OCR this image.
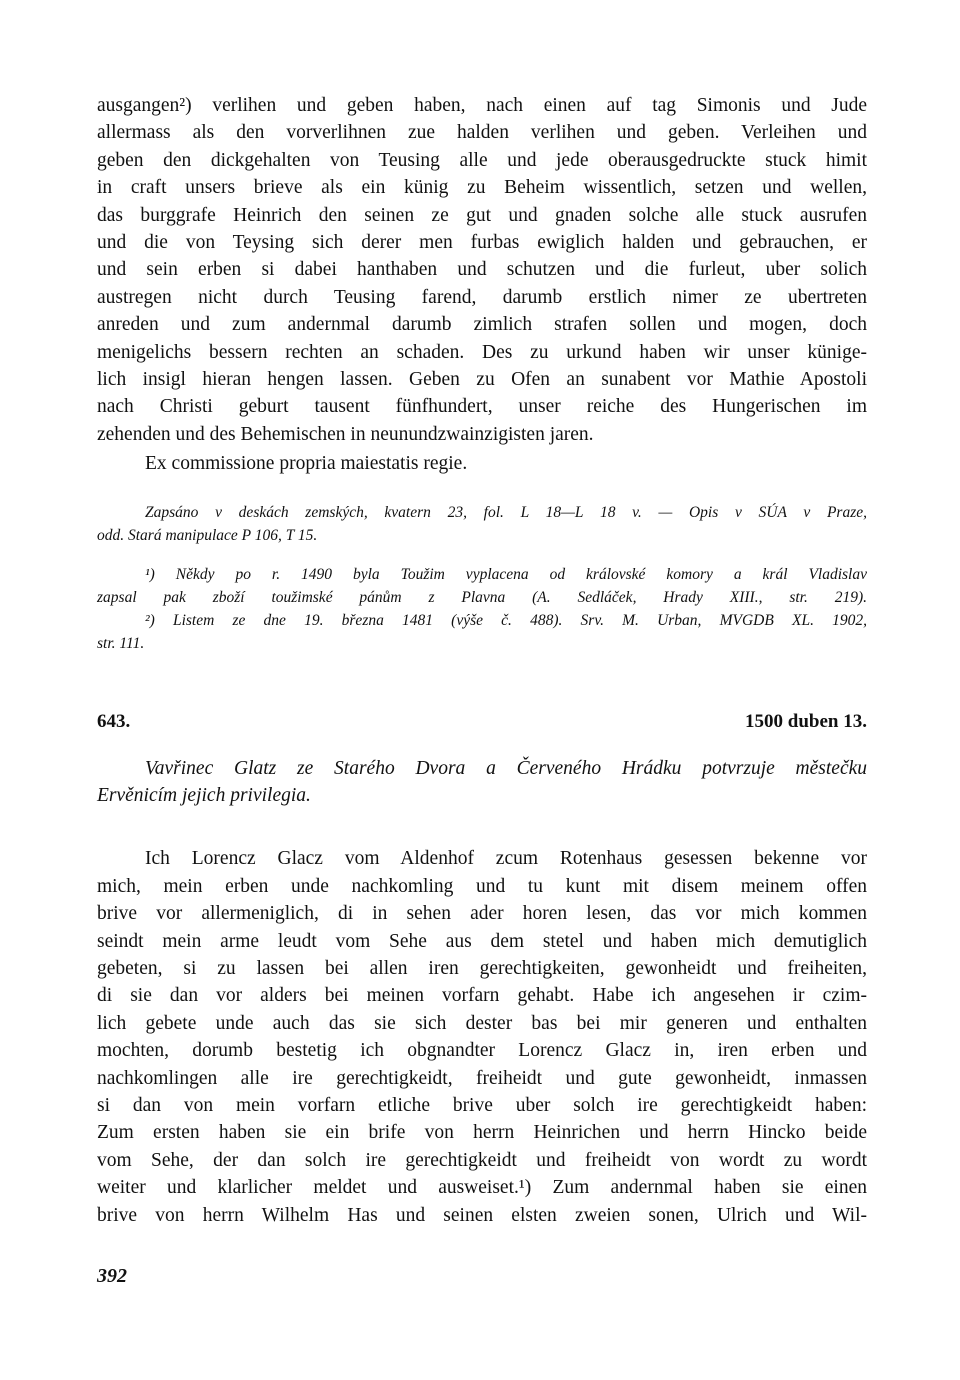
ausgangen²) verlihen und geben haben, nach einen auf tag Simonis und Jude
allermass als den vorverlihnen zue halden verlihen und geben. Verleihen und
geben den dickgehalten von Teusing alle und jede oberausgedruckte stuck himit
in craft unsers brieve als ein künig zu Beheim wissentlich, setzen und wellen,
das burggrafe Heinrich den seinen ze gut und gnaden solche alle stuck ausrufen
und die von Teysing sich derer men furbas ewiglich halden und gebrauchen, er
und sein erben si dabei hanthaben und schutzen und die furleut, uber solich
austregen nicht durch Teusing farend, darumb erstlich nimer ze ubertreten
anreden und zum andernmal darumb zimlich strafen sollen und mogen, doch
menigelichs bessern rechten an schaden. Des zu urkund haben wir unser künige-
lich insigl hieran hengen lassen. Geben zu Ofen an sunabent vor Mathie Apostoli
nach Christi geburt tausent fünfhundert, unser reiche des Hungerischen im
zehenden und des Behemischen in neunundzwainzigisten jaren.
Ex commissione propria maiestatis regie.
Zapsáno v deskách zemských, kvatern 23, fol. L 18—L 18 v. — Opis v SÚA v Praze,
odd. Stará manipulace P 106, T 15.
¹) Někdy po r. 1490 byla Toužim vyplacena od královské komory a král Vladislav
zapsal pak zboží toužimské pánům z Plavna (A. Sedláček, Hrady XIII., str. 219).
²) Listem ze dne 19. března 1481 (výše č. 488). Srv. M. Urban, MVGDB XL. 1902,
str. 111.
643.	1500 duben 13.
Vavřinec Glatz ze Starého Dvora a Červeného Hrádku potvrzuje městečku
Ervěnicím jejich privilegia.
Ich Lorencz Glacz vom Aldenhof zcum Rotenhaus gesessen bekenne vor
mich, mein erben unde nachkomling und tu kunt mit disem meinem offen
brive vor allermeniglich, di in sehen ader horen lesen, das vor mich kommen
seindt mein arme leudt vom Sehe aus dem stetel und haben mich demutiglich
gebeten, si zu lassen bei allen iren gerechtigkeiten, gewonheidt und freiheiten,
di sie dan vor alders bei meinen vorfarn gehabt. Habe ich angesehen ir czim-
lich gebete unde auch das sie sich dester bas bei mir generen und enthalten
mochten, dorumb bestetig ich obgnandter Lorencz Glacz in, iren erben und
nachkomlingen alle ire gerechtigkeidt, freiheidt und gute gewonheidt, inmassen
si dan von mein vorfarn etliche brive uber solch ire gerechtigkeidt haben:
Zum ersten haben sie ein brife von herrn Heinrichen und herrn Hincko beide
vom Sehe, der dan solch ire gerechtigkeidt und freiheidt von wordt zu wordt
weiter und klarlicher meldet und ausweiset.¹) Zum andernmal haben sie einen
brive von herrn Wilhelm Has und seinen elsten zweien sonen, Ulrich und Wil-
392
